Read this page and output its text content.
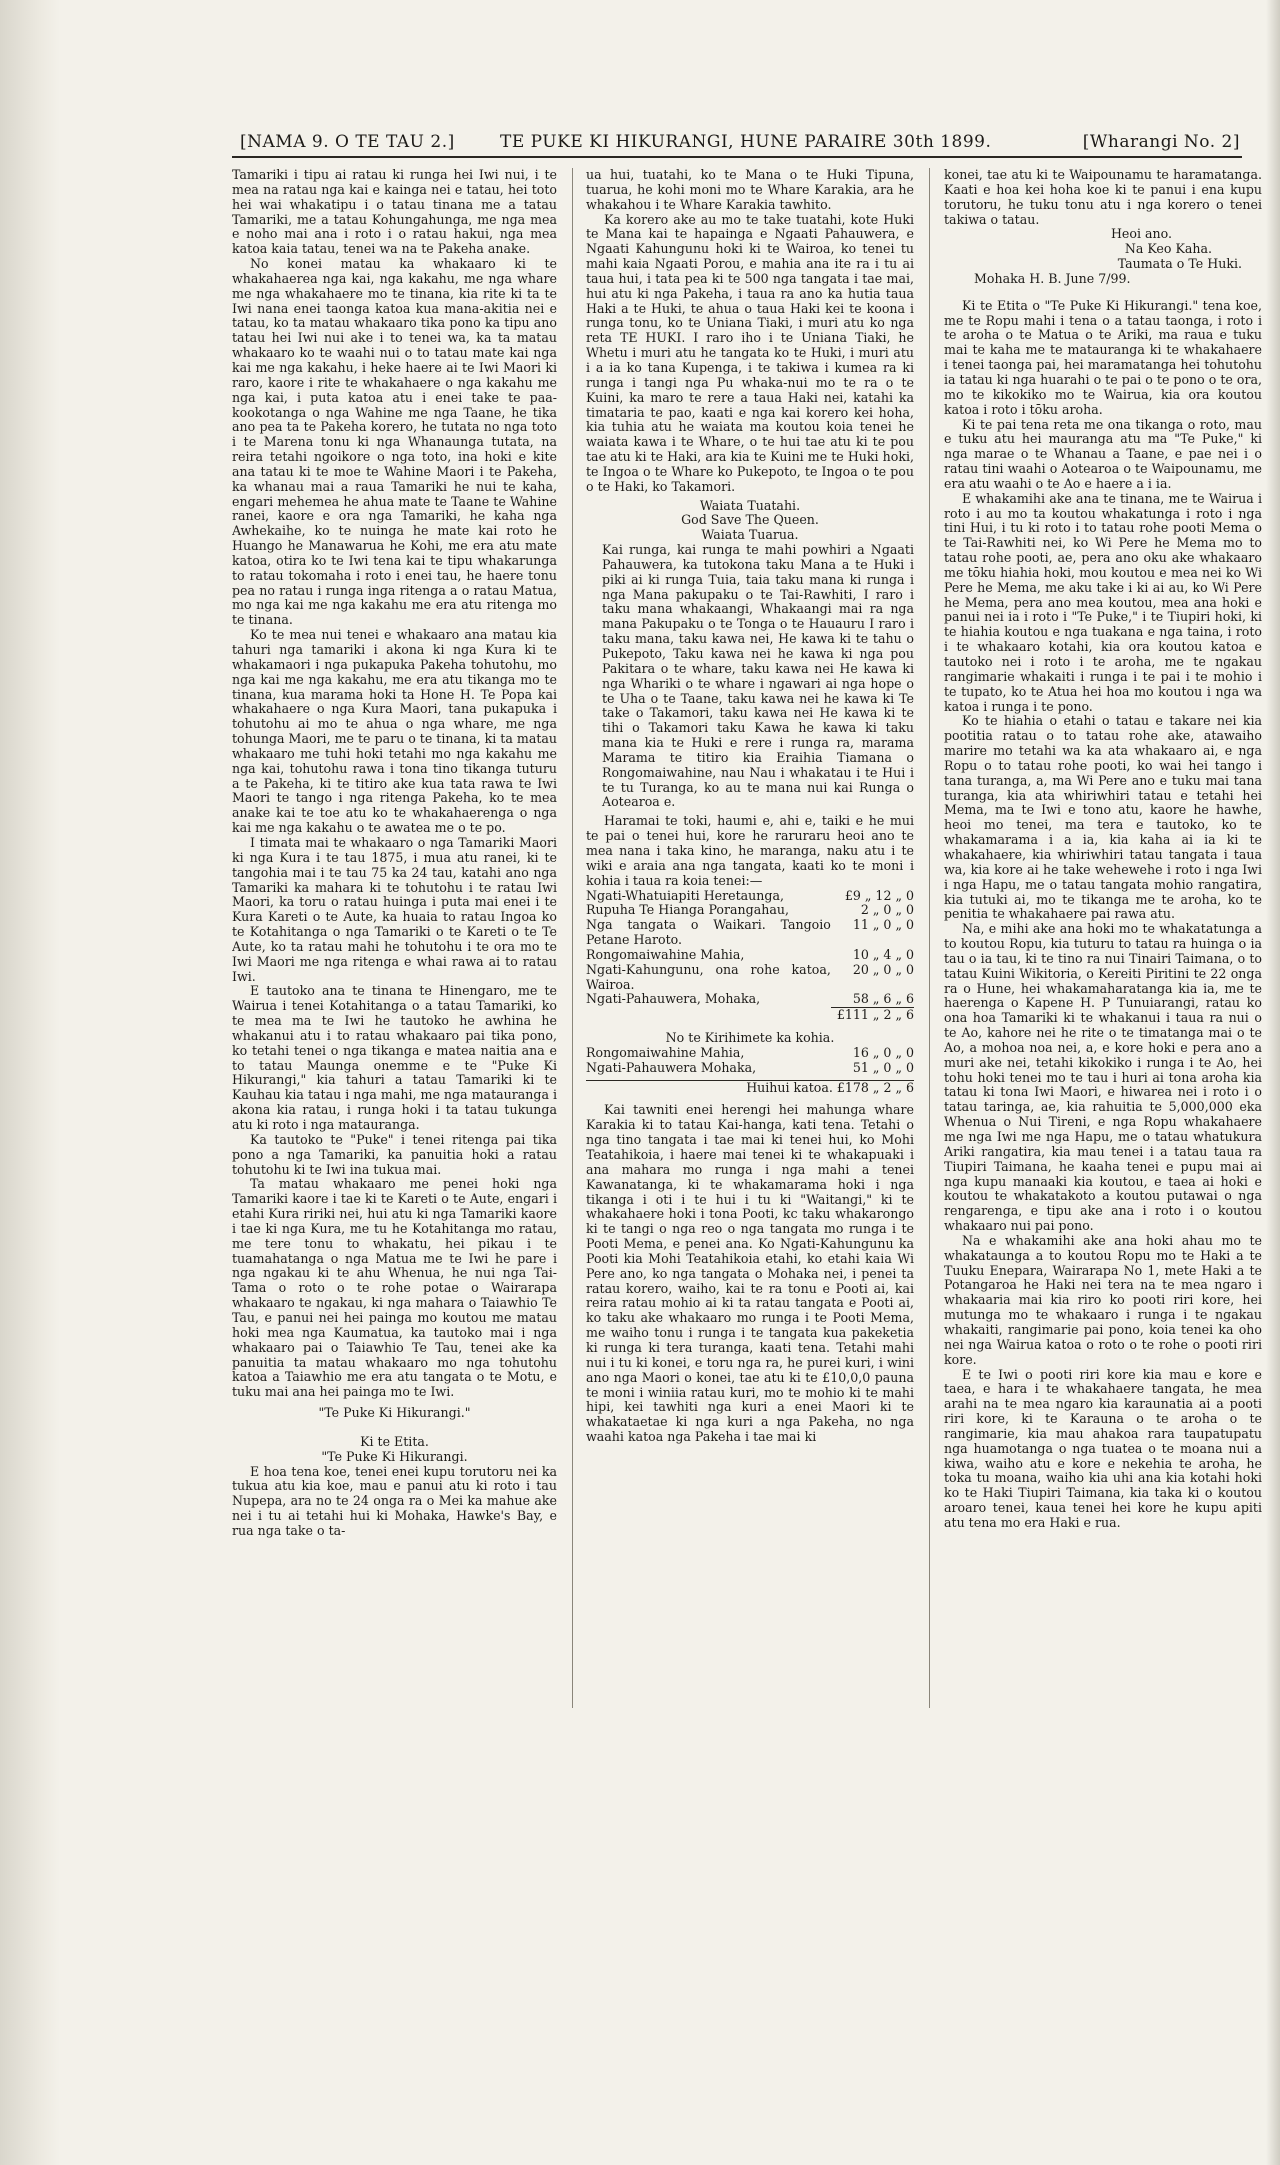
[NAMA 9. O TE TAU 2.]	TE PUKE KI HIKURANGI, HUNE PARAIRE 30th 1899.	[Wharangi No. 2]

Tamariki i tipu ai ratau ki runga hei Iwi nui, i te mea na ratau nga kai e kainga nei e tatau, hei toto hei wai whakatipu i o tatau tinana me a tatau Tamariki, me a tatau Kohungahunga, me nga mea e noho mai ana i roto i o ratau hakui, nga mea katoa kaia tatau, tenei wa na te Pakeha anake.

No konei matau ka whakaaro ki te whakahaerea nga kai, nga kakahu, me nga whare me nga whakahaere mo te tinana, kia rite ki ta te Iwi nana enei taonga katoa kua mana-akitia nei e tatau, ko ta matau whakaaro tika pono ka tipu ano tatau hei Iwi nui ake i to tenei wa, ka ta matau whakaaro ko te waahi nui o to tatau mate kai nga kai me nga kakahu, i heke haere ai te Iwi Maori ki raro, kaore i rite te whakahaere o nga kakahu me nga kai, i puta katoa atu i enei take te paa-kookotanga o nga Wahine me nga Taane, he tika ano pea ta te Pakeha korero, he tutata no nga toto i te Marena tonu ki nga Whanaunga tutata, na reira tetahi ngoikore o nga toto, ina hoki e kite ana tatau ki te moe te Wahine Maori i te Pakeha, ka whanau mai a raua Tamariki he nui te kaha, engari mehemea he ahua mate te Taane te Wahine ranei, kaore e ora nga Tamariki, he kaha nga Awhekaihe, ko te nuinga he mate kai roto he Huango he Manawarua he Kohi, me era atu mate katoa, otira ko te Iwi tena kai te tipu whakarunga to ratau tokomaha i roto i enei tau, he haere tonu pea no ratau i runga inga ritenga a o ratau Matua, mo nga kai me nga kakahu me era atu ritenga mo te tinana.

Ko te mea nui tenei e whakaaro ana matau kia tahuri nga tamariki i akona ki nga Kura ki te whakamaori i nga pukapuka Pakeha tohutohu, mo nga kai me nga kakahu, me era atu tikanga mo te tinana, kua marama hoki ta Hone H. Te Popa kai whakahaere o nga Kura Maori, tana pukapuka i tohutohu ai mo te ahua o nga whare, me nga tohunga Maori, me te paru o te tinana, ki ta matau whakaaro me tuhi hoki tetahi mo nga kakahu me nga kai, tohutohu rawa i tona tino tikanga tuturu a te Pakeha, ki te titiro ake kua tata rawa te Iwi Maori te tango i nga ritenga Pakeha, ko te mea anake kai te toe atu ko te whakahaerenga o nga kai me nga kakahu o te awatea me o te po.

I timata mai te whakaaro o nga Tamariki Maori ki nga Kura i te tau 1875, i mua atu ranei, ki te tangohia mai i te tau 75 ka 24 tau, katahi ano nga Tamariki ka mahara ki te tohutohu i te ratau Iwi Maori, ka toru o ratau huinga i puta mai enei i te Kura Kareti o te Aute, ka huaia to ratau Ingoa ko te Kotahitanga o nga Tamariki o te Kareti o te Te Aute, ko ta ratau mahi he tohutohu i te ora mo te Iwi Maori me nga ritenga e whai rawa ai to ratau Iwi.

E tautoko ana te tinana te Hinengaro, me te Wairua i tenei Kotahitanga o a tatau Tamariki, ko te mea ma te Iwi he tautoko he awhina he whakanui atu i to ratau whakaaro pai tika pono, ko tetahi tenei o nga tikanga e matea naitia ana e to tatau Maunga onemme e te "Puke Ki Hikurangi," kia tahuri a tatau Tamariki ki te Kauhau kia tatau i nga mahi, me nga matauranga i akona kia ratau, i runga hoki i ta tatau tukunga atu ki roto i nga matauranga.

Ka tautoko te "Puke" i tenei ritenga pai tika pono a nga Tamariki, ka panuitia hoki a ratau tohutohu ki te Iwi ina tukua mai.

Ta matau whakaaro me penei hoki nga Tamariki kaore i tae ki te Kareti o te Aute, engari i etahi Kura ririki nei, hui atu ki nga Tamariki kaore i tae ki nga Kura, me tu he Kotahitanga mo ratau, me tere tonu to whakatu, hei pikau i te tuamahatanga o nga Matua me te Iwi he pare i nga ngakau ki te ahu Whenua, he nui nga Tai-Tama o roto o te rohe potae o Wairarapa whakaaro te ngakau, ki nga mahara o Taiawhio Te Tau, e panui nei hei painga mo koutou me matau hoki mea nga Kaumatua, ka tautoko mai i nga whakaaro pai o Taiawhio Te Tau, tenei ake ka panuitia ta matau whakaaro mo nga tohutohu katoa a Taiawhio me era atu tangata o te Motu, e tuku mai ana hei painga mo te Iwi.

"Te Puke Ki Hikurangi."

Ki te Etita.

"Te Puke Ki Hikurangi.

E hoa tena koe, tenei enei kupu torutoru nei ka tukua atu kia koe, mau e panui atu ki roto i tau Nupepa, ara no te 24 onga ra o Mei ka mahue ake nei i tu ai tetahi hui ki Mohaka, Hawke's Bay, e rua nga take o ta-

ua hui, tuatahi, ko te Mana o te Huki Tipuna, tuarua, he kohi moni mo te Whare Karakia, ara he whakahou i te Whare Karakia tawhito.

Ka korero ake au mo te take tuatahi, kote Huki te Mana kai te hapainga e Ngaati Pahauwera, e Ngaati Kahungunu hoki ki te Wairoa, ko tenei tu mahi kaia Ngaati Porou, e mahia ana ite ra i tu ai taua hui, i tata pea ki te 500 nga tangata i tae mai, hui atu ki nga Pakeha, i taua ra ano ka hutia taua Haki a te Huki, te ahua o taua Haki kei te koona i runga tonu, ko te Uniana Tiaki, i muri atu ko nga reta TE HUKI. I raro iho i te Uniana Tiaki, he Whetu i muri atu he tangata ko te Huki, i muri atu i a ia ko tana Kupenga, i te takiwa i kumea ra ki runga i tangi nga Pu whaka-nui mo te ra o te Kuini, ka maro te rere a taua Haki nei, katahi ka timataria te pao, kaati e nga kai korero kei hoha, kia tuhia atu he waiata ma koutou koia tenei he waiata kawa i te Whare, o te hui tae atu ki te pou tae atu ki te Haki, ara kia te Kuini me te Huki hoki, te Ingoa o te Whare ko Pukepoto, te Ingoa o te pou o te Haki, ko Takamori.

Waiata Tuatahi.

God Save The Queen.

Waiata Tuarua.

Kai runga, kai runga te mahi powhiri a Ngaati Pahauwera, ka tutokona taku Mana a te Huki i piki ai ki runga Tuia, taia taku mana ki runga i nga Mana pakupaku o te Tai-Rawhiti, I raro i taku mana whakaangi, Whakaangi mai ra nga mana Pakupaku o te Tonga o te Hauauru I raro i taku mana, taku kawa nei, He kawa ki te tahu o Pukepoto, Taku kawa nei he kawa ki nga pou Pakitara o te whare, taku kawa nei He kawa ki nga Whariki o te whare i ngawari ai nga hope o te Uha o te Taane, taku kawa nei he kawa ki Te take o Takamori, taku kawa nei He kawa ki te tihi o Takamori taku Kawa he kawa ki taku mana kia te Huki e rere i runga ra, marama Marama te titiro kia Eraihia Tiamana o Rongomaiwahine, nau Nau i whakatau i te Hui i te tu Turanga, ko au te mana nui kai Runga o Aotearoa e.

Haramai te toki, haumi e, ahi e, taiki e he mui te pai o tenei hui, kore he raruraru heoi ano te mea nana i taka kino, he maranga, naku atu i te wiki e araia ana nga tangata, kaati ko te moni i kohia i taua ra koia tenei:—

Ngati-Whatuiapiti Heretaunga,	£9 „ 12 „ 0
Rupuha Te Hianga Porangahau,	2 „ 0 „ 0
Nga tangata o Waikari. Tangoio Petane Haroto.	11 „ 0 „ 0
Rongomaiwahine Mahia,	10 „ 4 „ 0
Ngati-Kahungunu, ona rohe katoa, Wairoa.	20 „ 0 „ 0
Ngati-Pahauwera, Mohaka,	58 „ 6 „ 6
	£111 „ 2 „ 6

No te Kirihimete ka kohia.

Rongomaiwahine Mahia,	16 „ 0 „ 0
Ngati-Pahauwera Mohaka,	51 „ 0 „ 0

Huihui katoa. £178 „ 2 „ 6

Kai tawniti enei herengi hei mahunga whare Karakia ki to tatau Kai-hanga, kati tena. Tetahi o nga tino tangata i tae mai ki tenei hui, ko Mohi Teatahikoia, i haere mai tenei ki te whakapuaki i ana mahara mo runga i nga mahi a tenei Kawanatanga, ki te whakamarama hoki i nga tikanga i oti i te hui i tu ki "Waitangi," ki te whakahaere hoki i tona Pooti, kc taku whakarongo ki te tangi o nga reo o nga tangata mo runga i te Pooti Mema, e penei ana. Ko Ngati-Kahungunu ka Pooti kia Mohi Teatahikoia etahi, ko etahi kaia Wi Pere ano, ko nga tangata o Mohaka nei, i penei ta ratau korero, waiho, kai te ra tonu e Pooti ai, kai reira ratau mohio ai ki ta ratau tangata e Pooti ai, ko taku ake whakaaro mo runga i te Pooti Mema, me waiho tonu i runga i te tangata kua pakeketia ki runga ki tera turanga, kaati tena. Tetahi mahi nui i tu ki konei, e toru nga ra, he purei kuri, i wini ano nga Maori o konei, tae atu ki te £10,0,0 pauna te moni i winiia ratau kuri, mo te mohio ki te mahi hipi, kei tawhiti nga kuri a enei Maori ki te whakataetae ki nga kuri a nga Pakeha, no nga waahi katoa nga Pakeha i tae mai ki

konei, tae atu ki te Waipounamu te haramatanga. Kaati e hoa kei hoha koe ki te panui i ena kupu torutoru, he tuku tonu atu i nga korero o tenei takiwa o tatau.

Heoi ano.

Na Keo Kaha.

Taumata o Te Huki.

Mohaka H. B. June 7/99.

Ki te Etita o "Te Puke Ki Hikurangi." tena koe, me te Ropu mahi i tena o a tatau taonga, i roto i te aroha o te Matua o te Ariki, ma raua e tuku mai te kaha me te matauranga ki te whakahaere i tenei taonga pai, hei maramatanga hei tohutohu ia tatau ki nga huarahi o te pai o te pono o te ora, mo te kikokiko mo te Wairua, kia ora koutou katoa i roto i tōku aroha.

Ki te pai tena reta me ona tikanga o roto, mau e tuku atu hei mauranga atu ma "Te Puke," ki nga marae o te Whanau a Taane, e pae nei i o ratau tini waahi o Aotearoa o te Waipounamu, me era atu waahi o te Ao e haere a i ia.

E whakamihi ake ana te tinana, me te Wairua i roto i au mo ta koutou whakatunga i roto i nga tini Hui, i tu ki roto i to tatau rohe pooti Mema o te Tai-Rawhiti nei, ko Wi Pere he Mema mo to tatau rohe pooti, ae, pera ano oku ake whakaaro me tōku hiahia hoki, mou koutou e mea nei ko Wi Pere he Mema, me aku take i ki ai au, ko Wi Pere he Mema, pera ano mea koutou, mea ana hoki e panui nei ia i roto i "Te Puke," i te Tiupiri hoki, ki te hiahia koutou e nga tuakana e nga taina, i roto i te whakaaro kotahi, kia ora koutou katoa e tautoko nei i roto i te aroha, me te ngakau rangimarie whakaiti i runga i te pai i te mohio i te tupato, ko te Atua hei hoa mo koutou i nga wa katoa i runga i te pono.

Ko te hiahia o etahi o tatau e takare nei kia pootitia ratau o to tatau rohe ake, atawaiho marire mo tetahi wa ka ata whakaaro ai, e nga Ropu o to tatau rohe pooti, ko wai hei tango i tana turanga, a, ma Wi Pere ano e tuku mai tana turanga, kia ata whiriwhiri tatau e tetahi hei Mema, ma te Iwi e tono atu, kaore he hawhe, heoi mo tenei, ma tera e tautoko, ko te whakamarama i a ia, kia kaha ai ia ki te whakahaere, kia whiriwhiri tatau tangata i taua wa, kia kore ai he take wehewehe i roto i nga Iwi i nga Hapu, me o tatau tangata mohio rangatira, kia tutuki ai, mo te tikanga me te aroha, ko te penitia te whakahaere pai rawa atu.

Na, e mihi ake ana hoki mo te whakatatunga a to koutou Ropu, kia tuturu to tatau ra huinga o ia tau o ia tau, ki te tino ra nui Tinairi Taimana, o to tatau Kuini Wikitoria, o Kereiti Piritini te 22 onga ra o Hune, hei whakamaharatanga kia ia, me te haerenga o Kapene H. P Tunuiarangi, ratau ko ona hoa Tamariki ki te whakanui i taua ra nui o te Ao, kahore nei he rite o te timatanga mai o te Ao, a mohoa noa nei, a, e kore hoki e pera ano a muri ake nei, tetahi kikokiko i runga i te Ao, hei tohu hoki tenei mo te tau i huri ai tona aroha kia tatau ki tona Iwi Maori, e hiwarea nei i roto i o tatau taringa, ae, kia rahuitia te 5,000,000 eka Whenua o Nui Tireni, e nga Ropu whakahaere me nga Iwi me nga Hapu, me o tatau whatukura Ariki rangatira, kia mau tenei i a tatau taua ra Tiupiri Taimana, he kaaha tenei e pupu mai ai nga kupu manaaki kia koutou, e taea ai hoki e koutou te whakatakoto a koutou putawai o nga rengarenga, e tipu ake ana i roto i o koutou whakaaro nui pai pono.

Na e whakamihi ake ana hoki ahau mo te whakataunga a to koutou Ropu mo te Haki a te Tuuku Enepara, Wairarapa No 1, mete Haki a te Potangaroa he Haki nei tera na te mea ngaro i whakaaria mai kia riro ko pooti riri kore, hei mutunga mo te whakaaro i runga i te ngakau whakaiti, rangimarie pai pono, koia tenei ka oho nei nga Wairua katoa o roto o te rohe o pooti riri kore.

E te Iwi o pooti riri kore kia mau e kore e taea, e hara i te whakahaere tangata, he mea arahi na te mea ngaro kia karaunatia ai a pooti riri kore, ki te Karauna o te aroha o te rangimarie, kia mau ahakoa rara taupatupatu nga huamotanga o nga tuatea o te moana nui a kiwa, waiho atu e kore e nekehia te aroha, he toka tu moana, waiho kia uhi ana kia kotahi hoki ko te Haki Tiupiri Taimana, kia taka ki o koutou aroaro tenei, kaua tenei hei kore he kupu apiti atu tena mo era Haki e rua.
